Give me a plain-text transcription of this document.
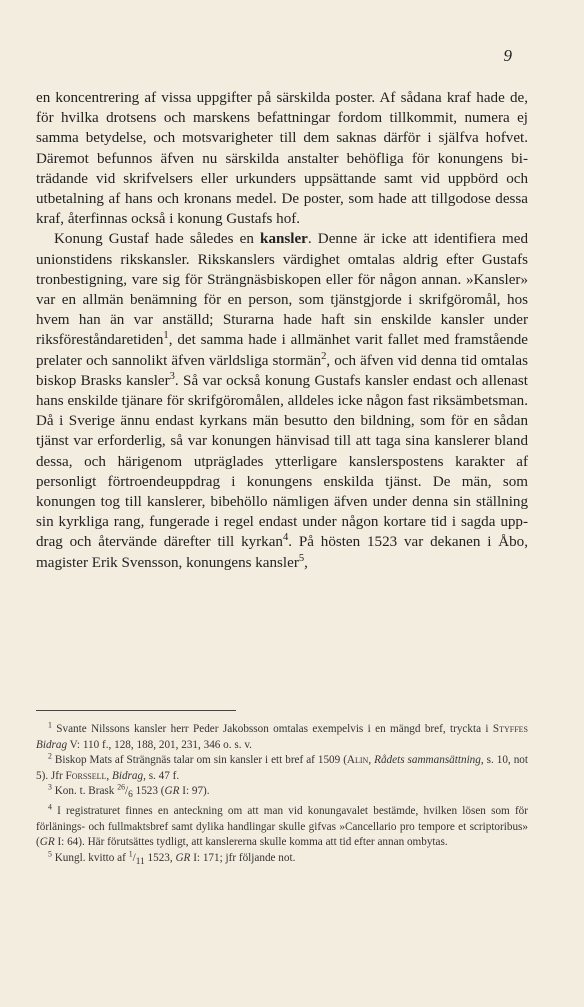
9

en koncentrering af vissa uppgifter på särskilda poster. Af sådana kraf hade de, för hvilka drotsens och marskens befattningar fordom tillkommit, numera ej samma betydelse, och motsvarigheter till dem saknas därför i själfva hofvet. Däremot befunnos äfven nu särskilda anstalter behöfliga för konungens biträdande vid skrifvelsers eller urkunders uppsättande samt vid uppbörd och utbetalning af hans och kronans medel. De poster, som hade att tillgodose dessa kraf, återfinnas också i konung Gustafs hof.

Konung Gustaf hade således en kansler. Denne är icke att identifiera med unionstidens rikskansler. Rikskanslers värdighet omtalas aldrig efter Gustafs tronbestigning, vare sig för Strängnäsbiskopen eller för någon annan. »Kansler» var en allmän benämning för en person, som tjänstgjorde i skrifgöromål, hos hvem han än var anställd; Sturarna hade haft sin enskilde kansler under riksföreståndaretiden$^1$, det samma hade i allmänhet varit fallet med framstående prelater och sannolikt äfven världsliga stormän$^2$, och äfven vid denna tid omtalas biskop Brasks kansler$^3$. Så var också konung Gustafs kansler endast och allenast hans enskilde tjänare för skrifgöromålen, alldeles icke någon fast riksämbetsman. Då i Sverige ännu endast kyrkans män besutto den bildning, som för en sådan tjänst var erforderlig, så var konungen hänvisad till att taga sina kanslerer bland dessa, och härigenom utpräglades ytterligare kanslerspostens karakter af personligt förtroendeuppdrag i konungens enskilda tjänst. De män, som konungen tog till kanslerer, bibehöllo nämligen äfven under denna sin ställning sin kyrkliga rang, fungerade i regel endast under någon kortare tid i sagda uppdrag och återvände därefter till kyrkan$^4$. På hösten 1523 var dekanen i Åbo, magister Erik Svensson, konungens kansler$^5$,

$^1$ Svante Nilssons kansler herr Peder Jakobsson omtalas exempelvis i en mängd bref, tryckta i Styffes Bidrag V: 110 f., 128, 188, 201, 231, 346 o. s. v.

$^2$ Biskop Mats af Strängnäs talar om sin kansler i ett bref af 1509 (Alin, Rådets sammansättning, s. 10, not 5). Jfr Forssell, Bidrag, s. 47 f.

$^3$ Kon. t. Brask $^{26}/_6$ 1523 (GR I: 97).

$^4$ I registraturet finnes en anteckning om att man vid konungavalet bestämde, hvilken lösen som för förlänings- och fullmaktsbref samt dylika handlingar skulle gifvas »Cancellario pro tempore et scriptoribus» (GR I: 64). Här förutsättes tydligt, att kanslererna skulle komma att tid efter annan ombytas.

$^5$ Kungl. kvitto af $^1/_{11}$ 1523, GR I: 171; jfr följande not.
